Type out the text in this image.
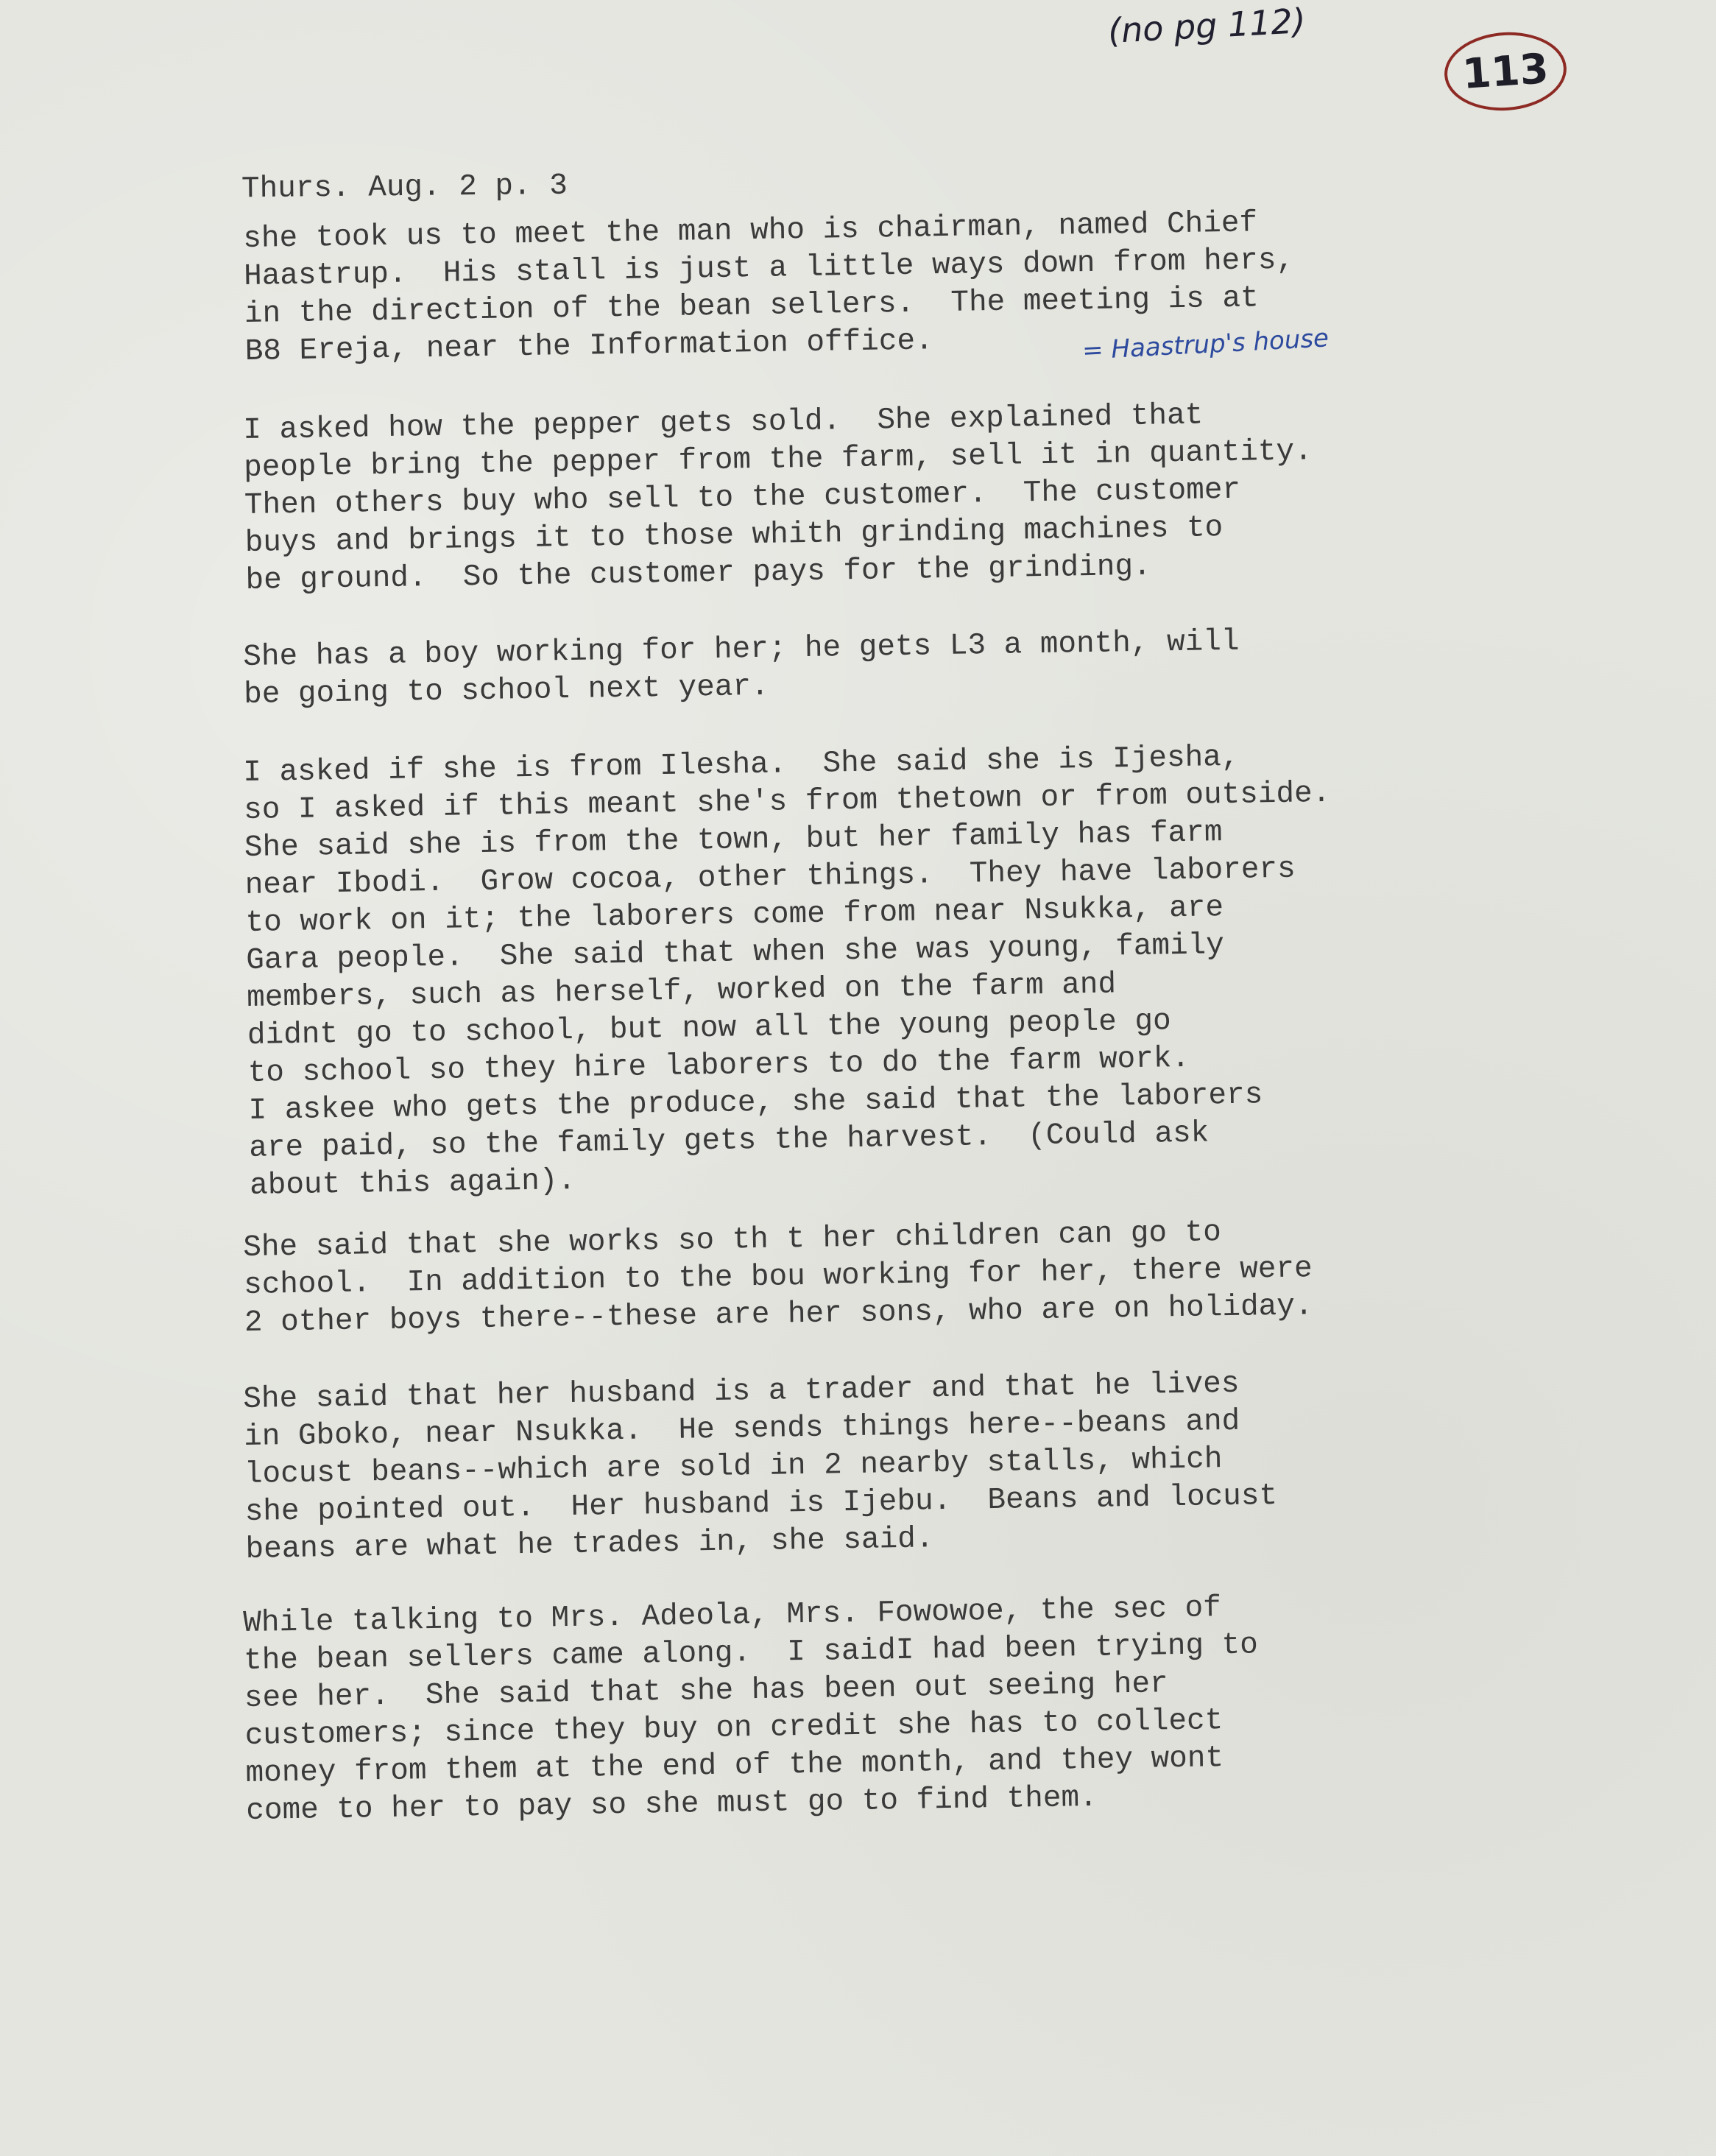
(no pg 112)
113
Thurs. Aug. 2 p. 3
she took us to meet the man who is chairman, named Chief
Haastrup.  His stall is just a little ways down from hers,
in the direction of the bean sellers.  The meeting is at
B8 Ereja, near the Information office.	= Haastrup's house
I asked how the pepper gets sold.  She explained that
people bring the pepper from the farm, sell it in quantity.
Then others buy who sell to the customer.  The customer
buys and brings it to those whith grinding machines to
be ground.  So the customer pays for the grinding.
She has a boy working for her; he gets L3 a month, will
be going to school next year.
I asked if she is from Ilesha.  She said she is Ijesha,
so I asked if this meant she's from thetown or from outside.
She said she is from the town, but her family has farm
near Ibodi.  Grow cocoa, other things.  They have laborers
to work on it; the laborers come from near Nsukka, are
Gara people.  She said that when she was young, family
members, such as herself, worked on the farm and
didnt go to school, but now all the young people go
to school so they hire laborers to do the farm work.
I askee who gets the produce, she said that the laborers
are paid, so the family gets the harvest.  (Could ask
about this again).
She said that she works so th t her children can go to
school.  In addition to the bou working for her, there were
2 other boys there--these are her sons, who are on holiday.
She said that her husband is a trader and that he lives
in Gboko, near Nsukka.  He sends things here--beans and
locust beans--which are sold in 2 nearby stalls, which
she pointed out.  Her husband is Ijebu.  Beans and locust
beans are what he trades in, she said.
While talking to Mrs. Adeola, Mrs. Fowowoe, the sec of
the bean sellers came along.  I saidI had been trying to
see her.  She said that she has been out seeing her
customers; since they buy on credit she has to collect
money from them at the end of the month, and they wont
come to her to pay so she must go to find them.
